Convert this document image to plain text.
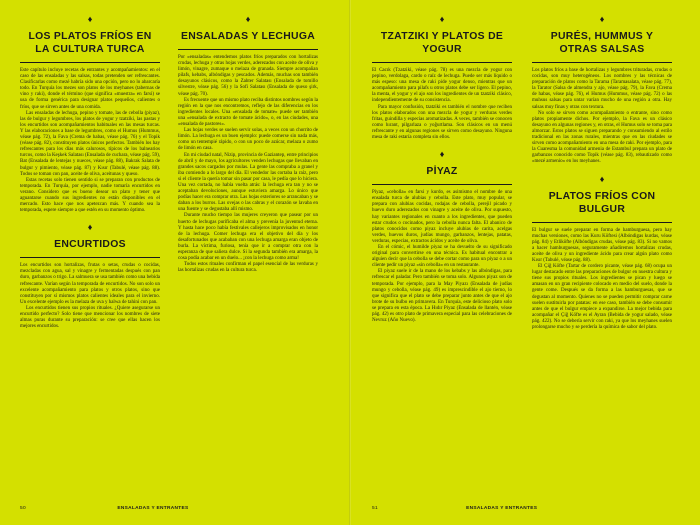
♦
LOS PLATOS FRÍOS EN LA CULTURA TURCA

Este capítulo incluye recetas de entrantes y acompañamientos: en el caso de las ensaladas y las salsas, todas pretenden ser refrescantes. Clasificarlas como mezé habría sido una opción, pero no lo abarcaría todo. En Turquía los mezes son platos de los meyhanes (tabernas de vino y raki), donde el término (que significa «muestra» en farsi) se usa de forma genérica para designar platos pequeños, calientes o fríos, que se sirven antes de una comida.

Las ensaladas de lechuga, pepino y tomate, las de cebolla (piyaz), las de bulgur y legumbres, los platos de yogur y tzatziki, las pastas y los encurtidos son acompañamientos habituales en las mesas turcas. Y las elaboraciones a base de legumbres, como el Humus (Hummus, véase pág. 72), la Fava (Crema de habas, véase pág. 76) y el Topik (véase pág. 82), constituyen platos únicos perfectos. También los hay refrescantes para los días más calurosos, típicos de los balnearios turcos, como la Keşkek Salatası (Ensalada de cuchara, véase pág. 59), Bat (Ensalada de lentejas y nueces, véase pág. 88), Bakrak Salata de bulgur y pimiento, véase pág. 87) y Kısır (Tabulé, véase pág. 88). Todos se toman con pan, aceite de oliva, aceitunas y queso.

Estas recetas solo tienen sentido si se preparan con productos de temporada. En Turquía, por ejemplo, nadie tomaría encurtidos en verano. Considero que es bueno desear un plato y tener que aguantarse cuando sus ingredientes no están disponibles en el mercado. Esto hace que nos apetezcan más. Y cuando sea la temporada, espere siempre a que estén en su momento óptimo.

♦
ENCURTIDOS

Los encurtidos son hortalizas, frutas o setas, crudas o cocidas, mezcladas con agua, sal y vinagre y fermentadas después con pan duro, garbanzos o trigo. La salmuera se usa también como una bebida refrescante. Varían según la temporada de encurtidos. No son solo un excelente acompañamiento para platos y otros platos, sino que constituyen por sí mismos platos calientes ideales para el invierno. Un excelente ejemplo es la melaza de uva y halwa de tahini con pan.

Los encurtidos tienen sus propios rituales. ¿Quiere asegurarse un encurtido perfecto? Solo tiene que mencionar los nombres de siete almas puras durante su preparación: se cree que ellas hacen los mejores encurtidos.

♦
ENSALADAS Y LECHUGA

Por «ensaladas» entendemos platos fríos preparados con hortalizas crudas, lechuga y otras hojas verdes, aderezados con aceite de oliva y limón, vinagre, zumaque o melaza de granada. Siempre acompañan pilafs, kebabs, albóndigas y pescados. Además, muchas son también desayunos clásicos, como la Zahter Salatası (Ensalada de tomillo silvestre, véase pág. 56) y la Sofi Salatası (Ensalada de queso şirk, véase pág. 70).

Es frecuente que un mismo plato reciba distintos nombres según la región en la que nos encontremos, reflejo de las diferencias en los ingredientes locales. Una «ensalada de tomate» puede ser también una «ensalada de extracto de tomate ácido», o, en las ciudades, una «ensalada de pastores».

Las hojas verdes se suelen servir solas, a veces con un chorrito de limón. La lechuga es un buen ejemplo: puede comerse sin nada más, como un tentempié rápido, o con un poco de azúcar, melaza o zumo de limón en casa.

En mi ciudad natal, Nizip, provincia de Gaziantep, entre principios de abril y de mayo, los agricultores venden lechugas que llevaban en grandes sacos cargados por mulas. La gente las compraba a granel y iba comiendo a lo largo del día. El vendedor las cortaba la raíz, pero si el cliente la quería tomar sin pasar por casa, le pedía que lo hiciera. Una vez cortada, no había vuelta atrás: la lechuga era tan y no se aceptaban devoluciones, aunque estuviera amarga. Lo único que podías hacer era comprar otra. Las hojas exteriores se arrancaban y se daban a los burros. Las ovejas o las cabras y el corazón se lavaba en una fuente y se degustaba allí mismo.

Durante mucho tiempo las mujeres creyeron que pasear por un huerto de lechugas purificaba el alma y prevenía la juventud eterna. Y hasta hace poco había festivales callejeros improvisados en honor de la lechuga. Comer lechuga era el objetivo del día y los desafortunados que acababan con una lechuga amarga eran objeto de burla. La víctima, furiosa, tenía que ir a comprar otra con la esperanza de que saliera dulce. Si la segunda también era amarga, la cosa podía acabar en un duelo... ¡con la lechuga como arma!

Todos estos rituales confirman el papel esencial de las verduras y las hortalizas crudas en la cultura turca.

50	ENSALADAS Y ENTRANTES
♦
TZATZIKI Y PLATOS DE YOGUR

El Cacık (Tzatziki, véase pág. 78) es una mezcla de yogur con pepino, verdolaga, cardo o raíz de lechuga. Puede ser más líquido o más espeso: una mesa de raki pide yogur denso, mientras que un acompañamiento para pilafs u otros platos debe ser ligero. El pepino, la menta, el yogur y el ajo son los ingredientes de un tzatziki clásico, independientemente de su consistencia.

Para mayor confusión, tzatziki es también el nombre que reciben los platos elaborados con una mezcla de yogur y verduras verdes fritas, guindilla y especias aromatizadas. A veces, también se conocen como hırant, pilgarlaza o yoğurtlama. Son clásicos en un menú refrescante y en algunas regiones se sirven como desayuno. Ninguna mesa de raki estaría completa sin ellos.

♦
PİYAZ

Piyaz, «cebolla» en farsi y kurdo, es asimismo el nombre de una ensalada turca de alubias y cebolla. Este plato, muy popular, se prepara con alubias cocidas, rodajas de cebolla, perejil picado y huevo duro aderezados con vinagre y aceite de oliva. Por supuesto, hay variantes regionales en cuanto a los ingredientes, que pueden estar crudos o cocinados, pero la cebolla nunca falta. El abanico de platos conocidos como piyaz incluye alubias de carita, acelgas verdes, huevos duros, judías mungo, garbanzos, lentejas, patatas, verduras, especias, extractos ácidos y aceite de oliva.

En el cómic, el humilde piyaz se ha devuelto de su significado original para convertirse en una técnica. Es habitual encontrar a alguien decir que la cebolla se debe cortar como para un piyaz o a un cliente pedir un piyaz «sin cebolla» en un restaurante.

El piyaz suele ir de la mano de los kebabs y las albóndigas, para refrescar el paladar. Pero también se toma solo. Algunos piyaz son de temporada. Por ejemplo, para la May Piyazı (Ensalada de judías mungo y cebolla, véase pág. 49) es imprescindible el ajo tierno, lo que significa que el plato se debe preparar junto antes de que el ajo brote de su bulbo en primavera. En Turquía, este delicioso plato solo se prepara en esta época. La Hıdır Piyaz (Ensalada de llantén, véase pág. 42) es otro plato de primavera especial para las celebraciones de Nevruz (Año Nuevo).

♦
PURÉS, HUMMUS Y OTRAS SALSAS

Los platos fríos a base de hortalizas y legumbres trituradas, crudas o cocidas, son muy heterogéneos. Los nombres y las técnicas de preparación de platos como la Tarama (Taramasalata, véase pág. 77), la Tarator (Salsa de almendra y ajo, véase pág. 79), la Fava (Crema de habas, véase pág. 76), el Humus (Hummus, véase pág. 72) o las muhsus salsas para untar varían mucho de una región a otra. Hay salsas muy finas y otras con textura.

No solo se sirven como acompañamiento o entrante, sino como platos propiamente dichos. Por ejemplo, la Fava es un clásico desayuno en algunas regiones y, en otras, el Humus solo se toma para almorzar. Estos platos se siguen preparando y consumiendo al estilo tradicional en las zonas rurales, mientras que en las ciudades se sirven como acompañamiento en una mesa de raki. Por ejemplo, para la Cuaresma la comunidad armenia de Estambul prepara un plato de garbanzos conocido como Topik (véase pág. 83), rebautizado como «mezé armenio» en los meyhanes.

♦
PLATOS FRÍOS CON BULGUR

El bulgur se suele preparar en forma de hamburguesa, pero hay muchas versiones, como las Kuru Köftesi (Albóndigas kurdas, véase pág. 84) y Etliköfte (Albóndigas crudas, véase pág. 83). Si no vamos a hacer hamburguesas, seguramente añadiremos hortalizas crudas, aceite de oliva y un ingrediente ácido para crear algún plato como Kısır (Tabulé, véase pág. 88).

El Çiğ Köfte (Tartar de cordero picante, véase pág. 68) ocupa un lugar destacado entre las preparaciones de bulgur en nuestra cultura y tiene sus propios rituales. Los ingredientes se pican y luego se amasan en un gran recipiente colocado en medio del suelo, donde la gente come. Después se da forma a las hamburguesas, que se degustan al momento. Quienes no se pueden permitir comprar carne suelen sustituirla por patatas: en ese caso, también se debe consumir antes de que el bulgur empiece a expandirse. La mejor bebida para acompañar el Çiğ Köfte es el Ayran (Bebida de yogur salado, véase pág. 422). No se debería servir con raki, ya que los meyhanes suelen prolongarse mucho y se perdería la química de sabor del plato.

51	ENSALADAS Y ENTRANTES
